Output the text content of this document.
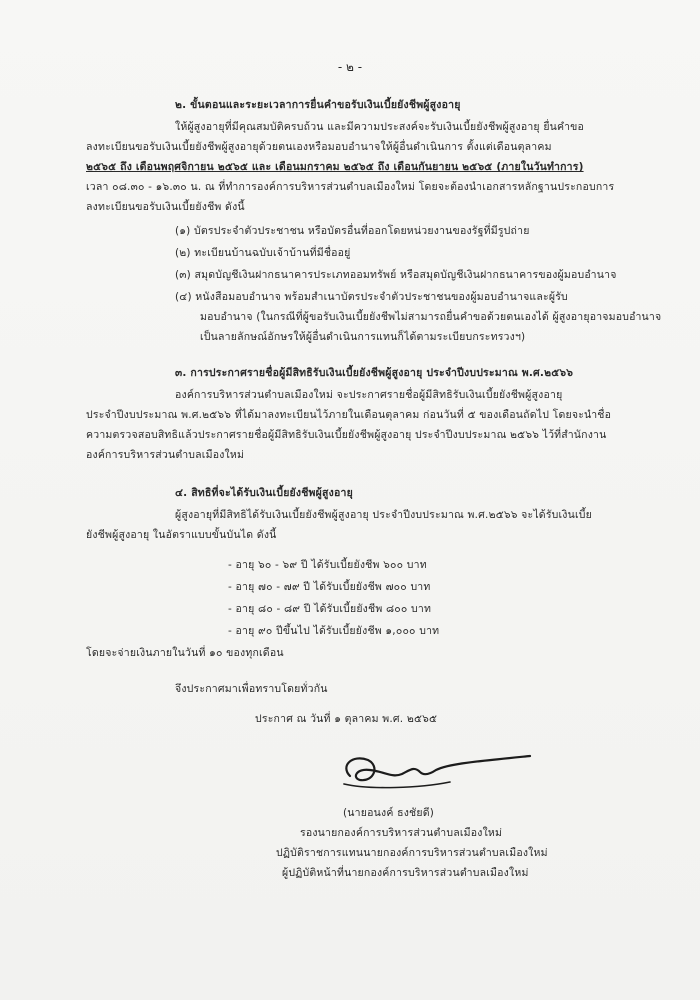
- ๒ -
๒. ขั้นตอนและระยะเวลาการยื่นคำขอรับเงินเบี้ยยังชีพผู้สูงอายุ
ให้ผู้สูงอายุที่มีคุณสมบัติครบถ้วน และมีความประสงค์จะรับเงินเบี้ยยังชีพผู้สูงอายุ ยื่นคำขอ
ลงทะเบียนขอรับเงินเบี้ยยังชีพผู้สูงอายุด้วยตนเองหรือมอบอำนาจให้ผู้อื่นดำเนินการ ตั้งแต่เดือนตุลาคม
๒๕๖๕ ถึง เดือนพฤศจิกายน ๒๕๖๕ และ เดือนมกราคม ๒๕๖๕ ถึง เดือนกันยายน ๒๕๖๕ (ภายในวันทำการ)
เวลา ๐๘.๓๐ - ๑๖.๓๐ น. ณ ที่ทำการองค์การบริหารส่วนตำบลเมืองใหม่ โดยจะต้องนำเอกสารหลักฐานประกอบการ
ลงทะเบียนขอรับเงินเบี้ยยังชีพ ดังนี้
(๑) บัตรประจำตัวประชาชน หรือบัตรอื่นที่ออกโดยหน่วยงานของรัฐที่มีรูปถ่าย
(๒) ทะเบียนบ้านฉบับเจ้าบ้านที่มีชื่ออยู่
(๓) สมุดบัญชีเงินฝากธนาคารประเภทออมทรัพย์ หรือสมุดบัญชีเงินฝากธนาคารของผู้มอบอำนาจ
(๔) หนังสือมอบอำนาจ พร้อมสำเนาบัตรประจำตัวประชาชนของผู้มอบอำนาจและผู้รับ
มอบอำนาจ (ในกรณีที่ผู้ขอรับเงินเบี้ยยังชีพไม่สามารถยื่นคำขอด้วยตนเองได้ ผู้สูงอายุอาจมอบอำนาจ
เป็นลายลักษณ์อักษรให้ผู้อื่นดำเนินการแทนก็ได้ตามระเบียบกระทรวงฯ)
๓. การประกาศรายชื่อผู้มีสิทธิรับเงินเบี้ยยังชีพผู้สูงอายุ ประจำปีงบประมาณ พ.ศ.๒๕๖๖
องค์การบริหารส่วนตำบลเมืองใหม่ จะประกาศรายชื่อผู้มีสิทธิรับเงินเบี้ยยังชีพผู้สูงอายุ
ประจำปีงบประมาณ พ.ศ.๒๕๖๖ ที่ได้มาลงทะเบียนไว้ภายในเดือนตุลาคม ก่อนวันที่ ๕ ของเดือนถัดไป โดยจะนำชื่อ
ความตรวจสอบสิทธิแล้วประกาศรายชื่อผู้มีสิทธิรับเงินเบี้ยยังชีพผู้สูงอายุ ประจำปีงบประมาณ ๒๕๖๖ ไว้ที่สำนักงาน
องค์การบริหารส่วนตำบลเมืองใหม่
๔. สิทธิที่จะได้รับเงินเบี้ยยังชีพผู้สูงอายุ
ผู้สูงอายุที่มีสิทธิได้รับเงินเบี้ยยังชีพผู้สูงอายุ ประจำปีงบประมาณ พ.ศ.๒๕๖๖ จะได้รับเงินเบี้ย
ยังชีพผู้สูงอายุ ในอัตราแบบขั้นบันได ดังนี้
- อายุ ๖๐ - ๖๙ ปี ได้รับเบี้ยยังชีพ ๖๐๐ บาท
- อายุ ๗๐ - ๗๙ ปี ได้รับเบี้ยยังชีพ ๗๐๐ บาท
- อายุ ๘๐ - ๘๙ ปี ได้รับเบี้ยยังชีพ ๘๐๐ บาท
- อายุ ๙๐ ปีขึ้นไป ได้รับเบี้ยยังชีพ ๑,๐๐๐ บาท
โดยจะจ่ายเงินภายในวันที่ ๑๐ ของทุกเดือน
จึงประกาศมาเพื่อทราบโดยทั่วกัน
ประกาศ ณ วันที่ ๑ ตุลาคม พ.ศ. ๒๕๖๕
(นายอนงค์ ธงชัยดี)
รองนายกองค์การบริหารส่วนตำบลเมืองใหม่
ปฏิบัติราชการแทนนายกองค์การบริหารส่วนตำบลเมืองใหม่
ผู้ปฏิบัติหน้าที่นายกองค์การบริหารส่วนตำบลเมืองใหม่
